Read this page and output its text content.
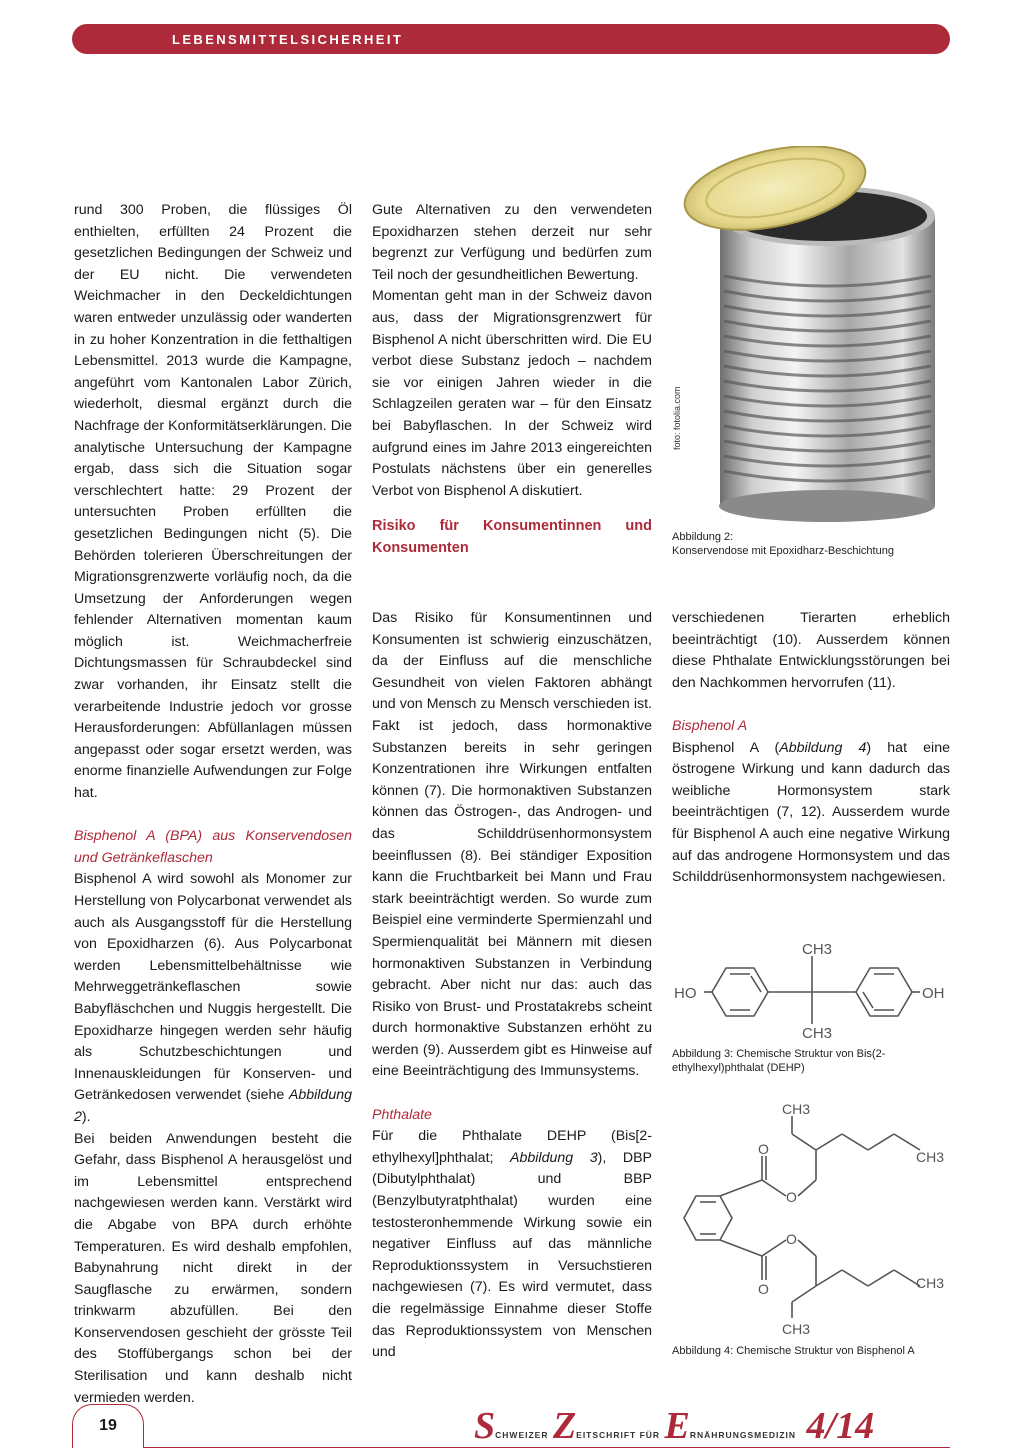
LEBENSMITTELSICHERHEIT

rund 300 Proben, die flüssiges Öl enthielten, erfüllten 24 Prozent die gesetzlichen Bedingungen der Schweiz und der EU nicht. Die verwendeten Weichmacher in den Deckeldichtungen waren entweder unzulässig oder wanderten in zu hoher Konzentration in die fetthaltigen Lebensmittel. 2013 wurde die Kampagne, angeführt vom Kantonalen Labor Zürich, wiederholt, diesmal ergänzt durch die Nachfrage der Konformitätserklärungen. Die analytische Untersuchung der Kampagne ergab, dass sich die Situation sogar verschlechtert hatte: 29 Prozent der untersuchten Proben erfüllten die gesetzlichen Bedingungen nicht (5). Die Behörden tolerieren Überschreitungen der Migrationsgrenzwerte vorläufig noch, da die Umsetzung der Anforderungen wegen fehlender Alternativen momentan kaum möglich ist. Weichmacherfreie Dichtungsmassen für Schraubdeckel sind zwar vorhanden, ihr Einsatz stellt die verarbeitende Industrie jedoch vor grosse Herausforderungen: Abfüllanlagen müssen angepasst oder sogar ersetzt werden, was enorme finanzielle Aufwendungen zur Folge hat.

Bisphenol A (BPA) aus Konservendosen und Getränkeflaschen

Bisphenol A wird sowohl als Monomer zur Herstellung von Polycarbonat verwendet als auch als Ausgangsstoff für die Herstellung von Epoxidharzen (6). Aus Polycarbonat werden Lebensmittelbehältnisse wie Mehrweggetränkeflaschen sowie Babyfläschchen und Nuggis hergestellt. Die Epoxidharze hingegen werden sehr häufig als Schutzbeschichtungen und Innenauskleidungen für Konserven- und Getränkedosen verwendet (siehe Abbildung 2).

Bei beiden Anwendungen besteht die Gefahr, dass Bisphenol A herausgelöst und im Lebensmittel entsprechend nachgewiesen werden kann. Verstärkt wird die Abgabe von BPA durch erhöhte Temperaturen. Es wird deshalb empfohlen, Babynahrung nicht direkt in der Saugflasche zu erwärmen, sondern trinkwarm abzufüllen. Bei den Konservendosen geschieht der grösste Teil des Stoffübergangs schon bei der Sterilisation und kann deshalb nicht vermieden werden.

Gute Alternativen zu den verwendeten Epoxidharzen stehen derzeit nur sehr begrenzt zur Verfügung und bedürfen zum Teil noch der gesundheitlichen Bewertung.

Momentan geht man in der Schweiz davon aus, dass der Migrationsgrenzwert für Bisphenol A nicht überschritten wird. Die EU verbot diese Substanz jedoch – nachdem sie vor einigen Jahren wieder in die Schlagzeilen geraten war – für den Einsatz bei Babyflaschen. In der Schweiz wird aufgrund eines im Jahre 2013 eingereichten Postulats nächstens über ein generelles Verbot von Bisphenol A diskutiert.

Risiko für Konsumentinnen und Konsumenten

Das Risiko für Konsumentinnen und Konsumenten ist schwierig einzuschätzen, da der Einfluss auf die menschliche Gesundheit von vielen Faktoren abhängt und von Mensch zu Mensch verschieden ist. Fakt ist jedoch, dass hormonaktive Substanzen bereits in sehr geringen Konzentrationen ihre Wirkungen entfalten können (7). Die hormonaktiven Substanzen können das Östrogen-, das Androgen- und das Schilddrüsenhormonsystem beeinflussen (8). Bei ständiger Exposition kann die Fruchtbarkeit bei Mann und Frau stark beeinträchtigt werden. So wurde zum Beispiel eine verminderte Spermienzahl und Spermienqualität bei Männern mit diesen hormonaktiven Substanzen in Verbindung gebracht. Aber nicht nur das: auch das Risiko von Brust- und Prostatakrebs scheint durch hormonaktive Substanzen erhöht zu werden (9). Ausserdem gibt es Hinweise auf eine Beeinträchtigung des Immunsystems.

Phthalate

Für die Phthalate DEHP (Bis[2-ethylhexyl]phthalat; Abbildung 3), DBP (Dibutylphthalat) und BBP (Benzylbutyratphthalat) wurden eine testosteronhemmende Wirkung sowie ein negativer Einfluss auf das männliche Reproduktionssystem in Versuchstieren nachgewiesen (7). Es wird vermutet, dass die regelmässige Einnahme dieser Stoffe das Reproduktionssystem von Menschen und

verschiedenen Tierarten erheblich beeinträchtigt (10). Ausserdem können diese Phthalate Entwicklungsstörungen bei den Nachkommen hervorrufen (11).

Bisphenol A

Bisphenol A (Abbildung 4) hat eine östrogene Wirkung und kann dadurch das weibliche Hormonsystem stark beeinträchtigen (7, 12). Ausserdem wurde für Bisphenol A auch eine negative Wirkung auf das androgene Hormonsystem und das Schilddrüsenhormonsystem nachgewiesen.

foto: fotolia.com
Abbildung 2:
Konservendose mit Epoxidharz-Beschichtung
HO	OH
CH3
CH3
Abbildung 3: Chemische Struktur von Bis(2-ethylhexyl)phthalat (DEHP)
CH3
CH3
CH3
CH3
O
O
O
O
Abbildung 4: Chemische Struktur von Bisphenol A
19	SCHWEIZER ZEITSCHRIFT FÜR ERNÄHRUNGSMEDIZIN 4/14
